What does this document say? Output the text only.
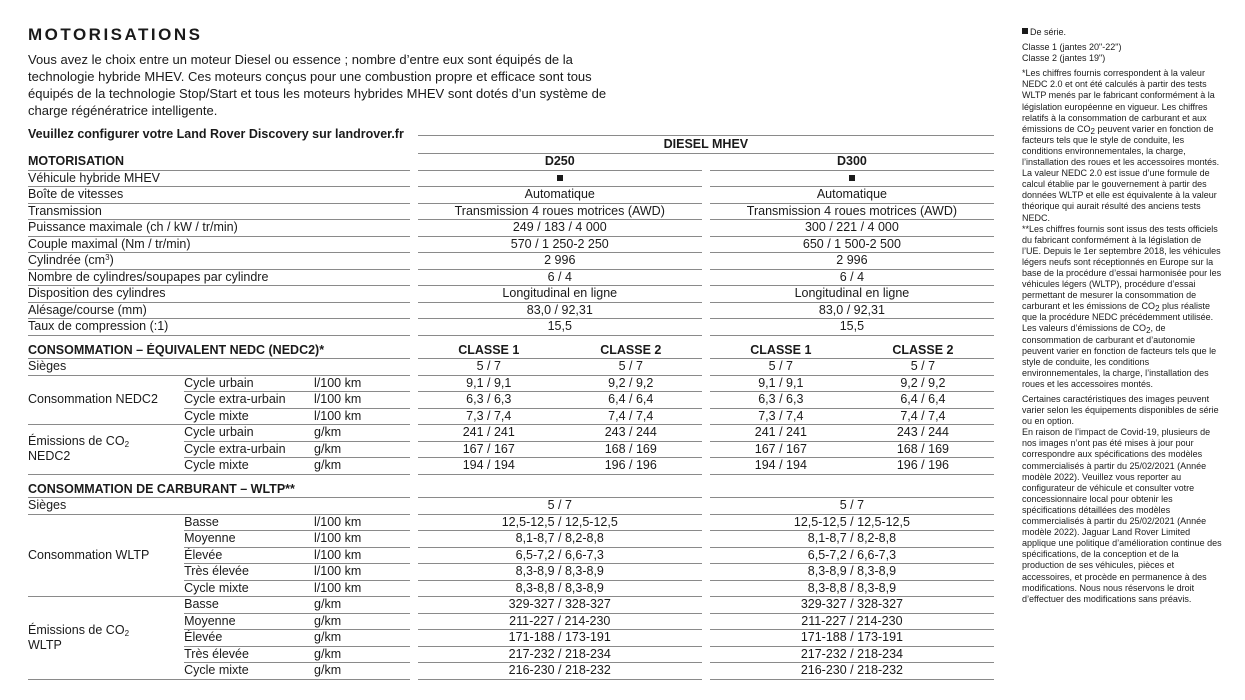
MOTORISATIONS

Vous avez le choix entre un moteur Diesel ou essence ; nombre d’entre eux sont équipés de la technologie hybride MHEV. Ces moteurs conçus pour une combustion propre et efficace sont tous équipés de la technologie Stop/Start et tous les moteurs hybrides MHEV sont dotés d’un système de charge régénératrice intelligente.

Veuillez configurer votre Land Rover Discovery sur landrover.fr

				DIESEL MHEV				
MOTORISATION				D250			D300	
Véhicule hybride MHEV								
Boîte de vitesses				Automatique			Automatique	
Transmission				Transmission 4 roues motrices (AWD)			Transmission 4 roues motrices (AWD)	
Puissance maximale (ch / kW / tr/min)				249 / 183 / 4 000			300 / 221 / 4 000	
Couple maximal (Nm / tr/min)				570 / 1 250-2 250			650 / 1 500-2 500	
Cylindrée $(cm^3)$				2 996			2 996	
Nombre de cylindres/soupapes par cylindre				6 / 4			6 / 4	
Disposition des cylindres				Longitudinal en ligne			Longitudinal en ligne	
Alésage/course (mm)				83,0 / 92,31			83,0 / 92,31	
Taux de compression (:1)				15,5			15,5	

CONSOMMATION – ÉQUIVALENT NEDC (NEDC2)*				CLASSE 1	CLASSE 2		CLASSE 1	CLASSE 2
Sièges				5 / 7	5 / 7		5 / 7	5 / 7
Consommation NEDC2	Cycle urbain	l/100 km		9,1 / 9,1	9,2 / 9,2		9,1 / 9,1	9,2 / 9,2
	Cycle extra-urbain	l/100 km		6,3 / 6,3	6,4 / 6,4		6,3 / 6,3	6,4 / 6,4
	Cycle mixte	l/100 km		7,3 / 7,4	7,4 / 7,4		7,3 / 7,4	7,4 / 7,4
Émissions de $CO_2$
NEDC2	Cycle urbain	g/km		241 / 241	243 / 244		241 / 241	243 / 244
	Cycle extra-urbain	g/km		167 / 167	168 / 169		167 / 167	168 / 169
	Cycle mixte	g/km		194 / 194	196 / 196		194 / 194	196 / 196

CONSOMMATION DE CARBURANT – WLTP**								
Sièges				5 / 7			5 / 7	
Consommation WLTP	Basse	l/100 km		12,5-12,5 / 12,5-12,5			12,5-12,5 / 12,5-12,5	
	Moyenne	l/100 km		8,1-8,7 / 8,2-8,8			8,1-8,7 / 8,2-8,8	
	Élevée	l/100 km		6,5-7,2 / 6,6-7,3			6,5-7,2 / 6,6-7,3	
	Très élevée	l/100 km		8,3-8,9 / 8,3-8,9			8,3-8,9 / 8,3-8,9	
	Cycle mixte	l/100 km		8,3-8,8 / 8,3-8,9			8,3-8,8 / 8,3-8,9	
Émissions de $CO_2$
WLTP	Basse	g/km		329-327 / 328-327			329-327 / 328-327	
	Moyenne	g/km		211-227 / 214-230			211-227 / 214-230	
	Élevée	g/km		171-188 / 173-191			171-188 / 173-191	
	Très élevée	g/km		217-232 / 218-234			217-232 / 218-234	
	Cycle mixte	g/km		216-230 / 218-232			216-230 / 218-232	

De série.

Classe 1 (jantes 20"-22")

Classe 2 (jantes 19")

*Les chiffres fournis correspondent à la valeur NEDC 2.0 et ont été calculés à partir des tests WLTP menés par le fabricant conformément à la législation européenne en vigueur. Les chiffres relatifs à la consommation de carburant et aux émissions de $CO_2$ peuvent varier en fonction de facteurs tels que le style de conduite, les conditions environnementales, la charge, l’installation des roues et les accessoires montés.

La valeur NEDC 2.0 est issue d’une formule de calcul établie par le gouvernement à partir des données WLTP et elle est équivalente à la valeur théorique qui aurait résulté des anciens tests NEDC.

**Les chiffres fournis sont issus des tests officiels du fabricant conformément à la législation de l’UE. Depuis le 1er septembre 2018, les véhicules légers neufs sont réceptionnés en Europe sur la base de la procédure d’essai harmonisée pour les véhicules légers (WLTP), procédure d’essai permettant de mesurer la consommation de carburant et les émissions de $CO_2$ plus réaliste que la procédure NEDC précédemment utilisée. Les valeurs d’émissions de $CO_2$, de consommation de carburant et d’autonomie peuvent varier en fonction de facteurs tels que le style de conduite, les conditions environnementales, la charge, l’installation des roues et les accessoires montés.

Certaines caractéristiques des images peuvent varier selon les équipements disponibles de série ou en option.

En raison de l’impact de Covid-19, plusieurs de nos images n’ont pas été mises à jour pour correspondre aux spécifications des modèles commercialisés à partir du 25/02/2021 (Année modèle 2022). Veuillez vous reporter au configurateur de véhicule et consulter votre concessionnaire local pour obtenir les spécifications détaillées des modèles commercialisés à partir du 25/02/2021 (Année modèle 2022). Jaguar Land Rover Limited applique une politique d’amélioration continue des spécifications, de la conception et de la production de ses véhicules, pièces et accessoires, et procède en permanence à des modifications. Nous nous réservons le droit d’effectuer des modifications sans préavis.
